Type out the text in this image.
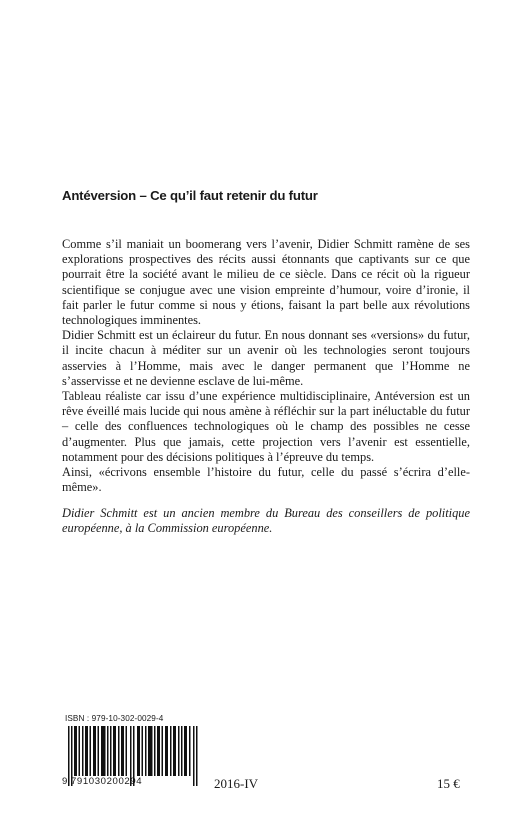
Antéversion – Ce qu’il faut retenir du futur

Comme s’il maniait un boomerang vers l’avenir, Didier Schmitt ramène de ses explorations prospectives des récits aussi étonnants que captivants sur ce que pourrait être la société avant le milieu de ce siècle. Dans ce récit où la rigueur scientifique se conjugue avec une vision empreinte d’humour, voire d’ironie, il fait parler le futur comme si nous y étions, faisant la part belle aux révolutions technologiques imminentes.

Didier Schmitt est un éclaireur du futur. En nous donnant ses «versions» du futur, il incite chacun à méditer sur un avenir où les technologies seront toujours asservies à l’Homme, mais avec le danger permanent que l’Homme ne s’asservisse et ne devienne esclave de lui-même.

Tableau réaliste car issu d’une expérience multidisciplinaire, Antéversion est un rêve éveillé mais lucide qui nous amène à réfléchir sur la part inéluctable du futur – celle des confluences technologiques où le champ des possibles ne cesse d’augmenter. Plus que jamais, cette projection vers l’avenir est essentielle, notamment pour des décisions politiques à l’épreuve du temps.

Ainsi, «écrivons ensemble l’histoire du futur, celle du passé s’écrira d’elle-même».

Didier Schmitt est un ancien membre du Bureau des conseillers de politique européenne, à la Commission européenne.

ISBN : 979-10-302-0029-4
9 791030200294	2016-IV	15 €
